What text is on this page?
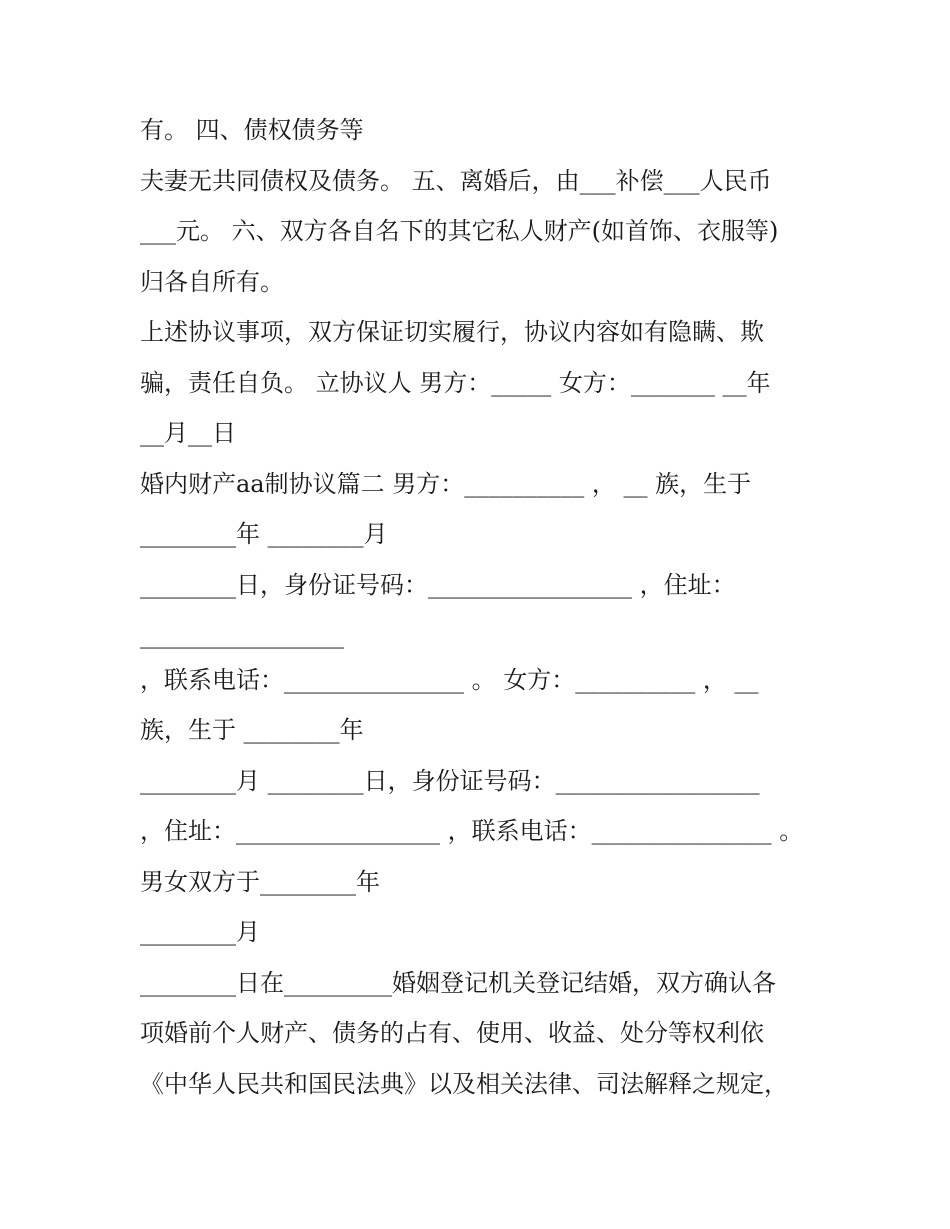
有。 四、债权债务等
夫妻无共同债权及债务。 五、离婚后，由___补偿___人民币
___元。 六、双方各自名下的其它私人财产(如首饰、衣服等)
归各自所有。
上述协议事项，双方保证切实履行，协议内容如有隐瞒、欺
骗，责任自负。 立协议人 男方：_____ 女方：_______ __年
__月__日
婚内财产aa制协议篇二 男方：__________ ， __ 族，生于
________年 ________月
________日，身份证号码：_________________ ，住址：
_________________
，联系电话：_______________ 。 女方：__________ ， __
族，生于 ________年
________月 ________日，身份证号码：_________________
，住址：_________________ ，联系电话：_______________ 。
男女双方于________年
________月
________日在_________婚姻登记机关登记结婚，双方确认各
项婚前个人财产、债务的占有、使用、收益、处分等权利依
《中华人民共和国民法典》以及相关法律、司法解释之规定，
